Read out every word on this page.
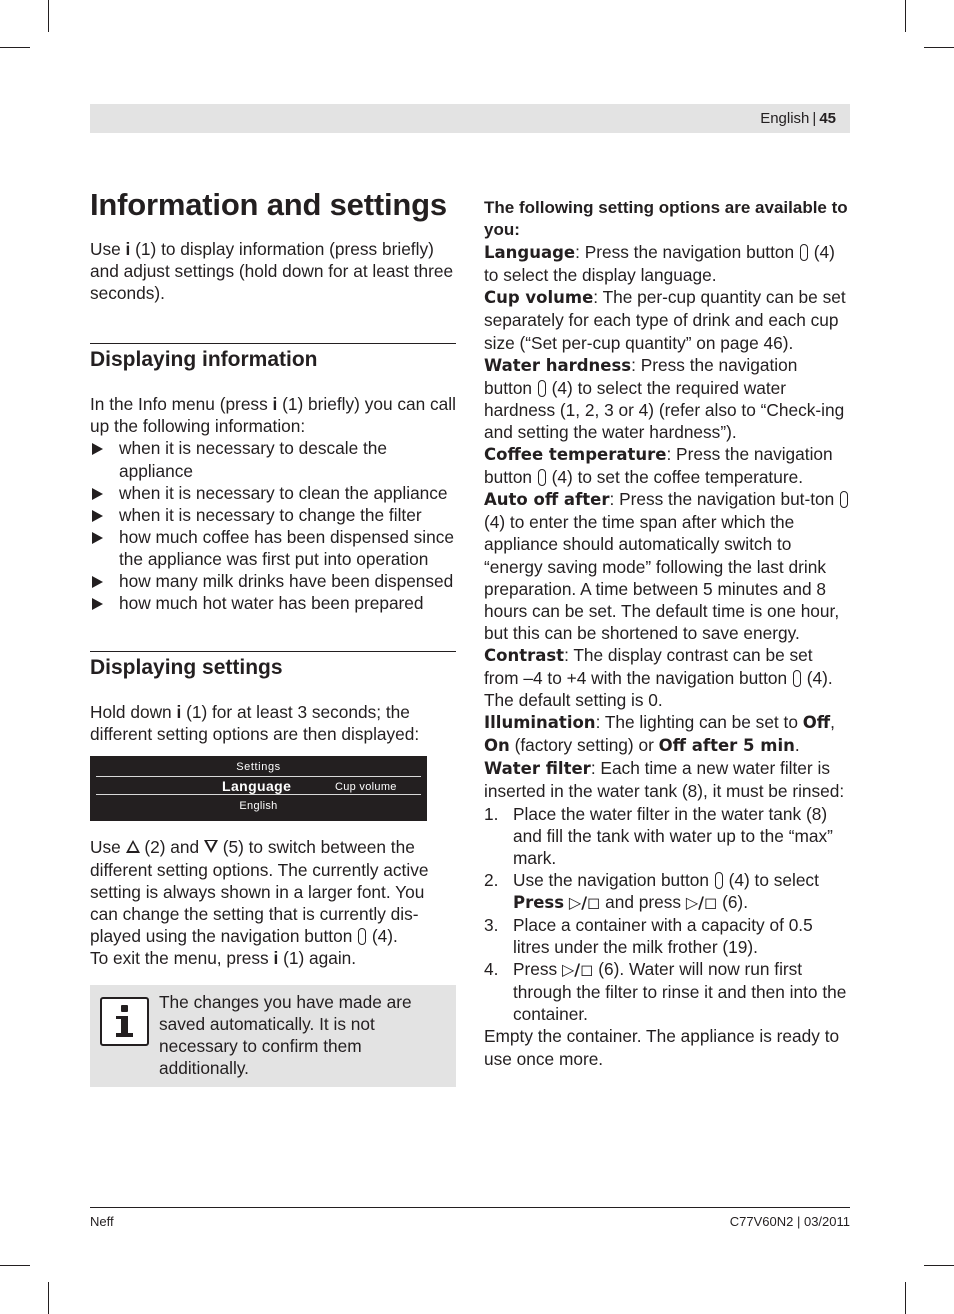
English | 45
Information and settings

Use i (1) to display information (press briefly) and adjust settings (hold down for at least three seconds).

Displaying information

In the Info menu (press i (1) briefly) you can call up the following information:

when it is necessary to descale the appliance
when it is necessary to clean the appliance
when it is necessary to change the filter
how much coffee has been dispensed since the appliance was first put into operation
how many milk drinks have been dispensed
how much hot water has been prepared
Displaying settings

Hold down i (1) for at least 3 seconds; the different setting options are then displayed:

Settings
Language	Cup volume
English

Use  (2) and  (5) to switch between the different setting options. The currently active setting is always shown in a larger font. You can change the setting that is currently dis-played using the navigation button  (4).
To exit the menu, press i (1) again.

The changes you have made are saved automatically. It is not necessary to confirm them additionally.
The following setting options are available to you:

Language: Press the navigation button  (4) to select the display language.

Cup volume: The per-cup quantity can be set separately for each type of drink and each cup size (“Set per-cup quantity” on page 46).

Water hardness: Press the navigation button  (4) to select the required water hardness (1, 2, 3 or 4) (refer also to “Check-ing and setting the water hardness”).

Coffee temperature: Press the navigation button  (4) to set the coffee temperature.

Auto off after: Press the navigation but-ton  (4) to enter the time span after which the appliance should automatically switch to “energy saving mode” following the last drink preparation. A time between 5 minutes and 8 hours can be set. The default time is one hour, but this can be shortened to save energy.

Contrast: The display contrast can be set from –4 to +4 with the navigation button  (4). The default setting is 0.

Illumination: The lighting can be set to Off,
On (factory setting) or Off after 5 min.

Water filter: Each time a new water filter is inserted in the water tank (8), it must be rinsed:

1. Place the water filter in the water tank (8) and fill the tank with water up to the “max” mark.
2. Use the navigation button  (4) to select Press ▷/◻ and press ▷/◻ (6).
3. Place a container with a capacity of 0.5 litres under the milk frother (19).
4. Press ▷/◻ (6). Water will now run first through the filter to rinse it and then into the container.

Empty the container. The appliance is ready to use once more.

Neff	C77V60N2 | 03/2011
